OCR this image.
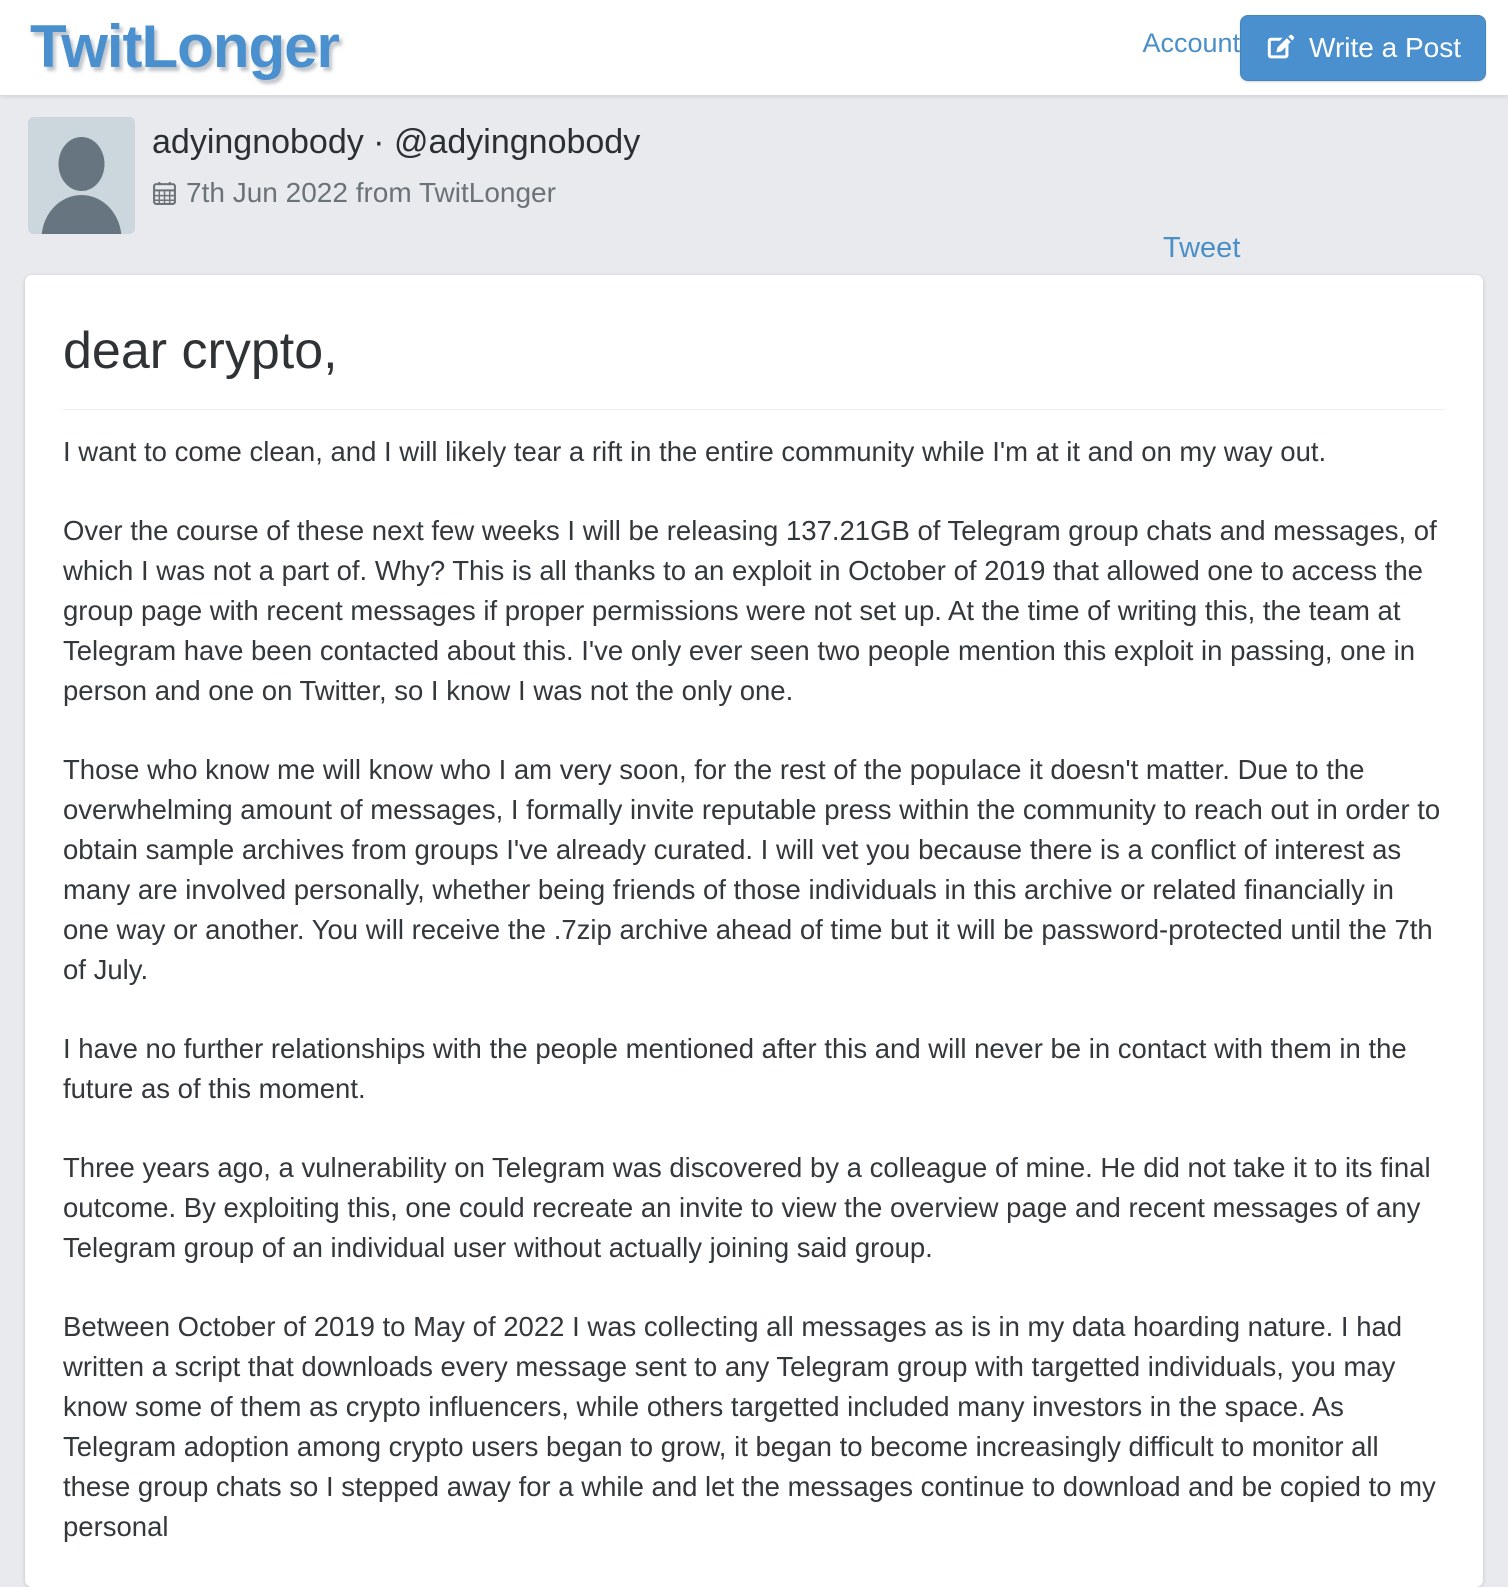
TwitLonger	Account Write a Post
adyingnobody · @adyingnobody
7th Jun 2022 from TwitLonger
Tweet
dear crypto,

I want to come clean, and I will likely tear a rift in the entire community while I'm at it and on my way out.

Over the course of these next few weeks I will be releasing 137.21GB of Telegram group chats and messages, of which I was not a part of. Why? This is all thanks to an exploit in October of 2019 that allowed one to access the group page with recent messages if proper permissions were not set up. At the time of writing this, the team at Telegram have been contacted about this. I've only ever seen two people mention this exploit in passing, one in person and one on Twitter, so I know I was not the only one.

Those who know me will know who I am very soon, for the rest of the populace it doesn't matter. Due to the overwhelming amount of messages, I formally invite reputable press within the community to reach out in order to obtain sample archives from groups I've already curated. I will vet you because there is a conflict of interest as many are involved personally, whether being friends of those individuals in this archive or related financially in one way or another. You will receive the .7zip archive ahead of time but it will be password-protected until the 7th of July.

I have no further relationships with the people mentioned after this and will never be in contact with them in the future as of this moment.

Three years ago, a vulnerability on Telegram was discovered by a colleague of mine. He did not take it to its final outcome. By exploiting this, one could recreate an invite to view the overview page and recent messages of any Telegram group of an individual user without actually joining said group.

Between October of 2019 to May of 2022 I was collecting all messages as is in my data hoarding nature. I had written a script that downloads every message sent to any Telegram group with targetted individuals, you may know some of them as crypto influencers, while others targetted included many investors in the space. As Telegram adoption among crypto users began to grow, it began to become increasingly difficult to monitor all these group chats so I stepped away for a while and let the messages continue to download and be copied to my personal
